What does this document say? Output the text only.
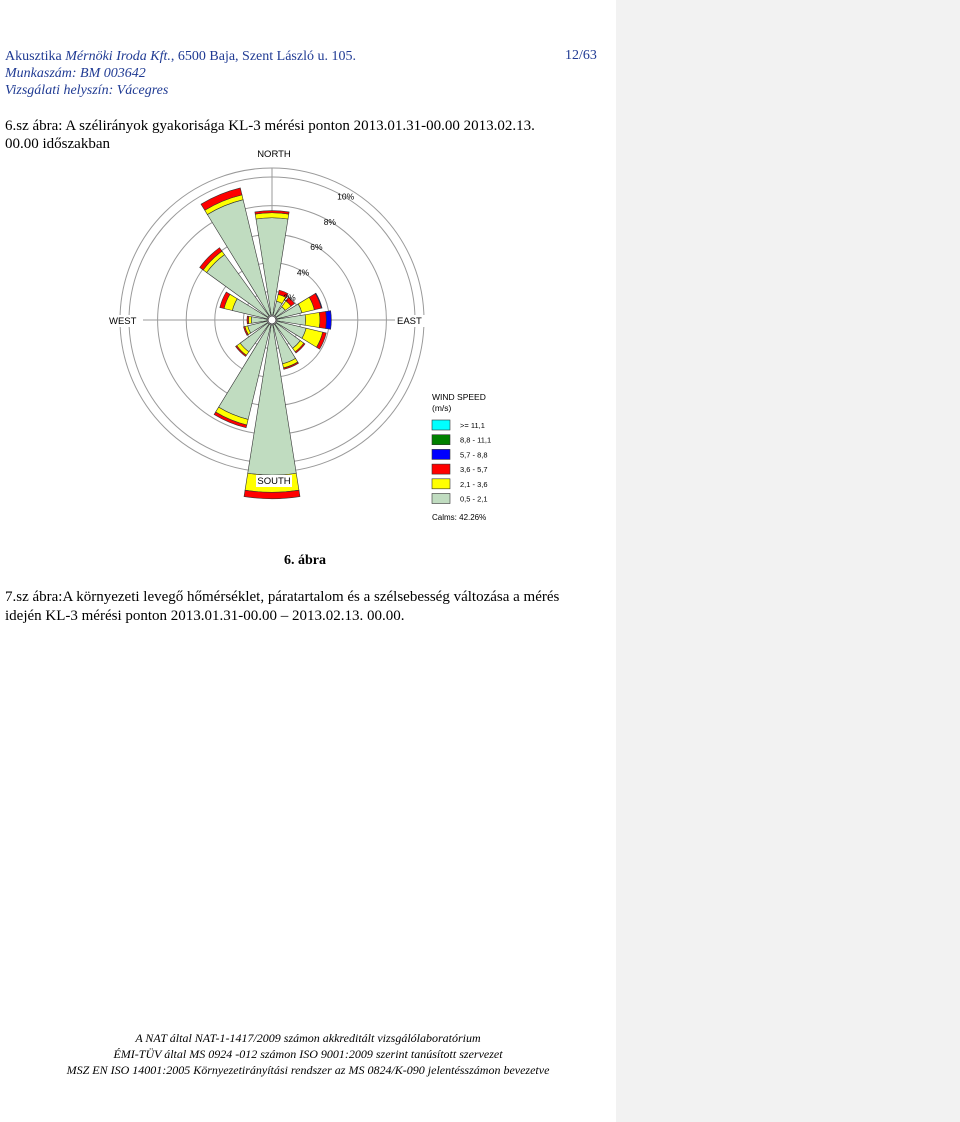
Akusztika Mérnöki Iroda Kft., 6500 Baja, Szent László u. 105.
Munkaszám: BM 003642
Vizsgálati helyszín: Vácegres
12/63
6.sz ábra: A szélirányok gyakorisága KL-3 mérési ponton 2013.01.31-00.00 2013.02.13.
00.00 időszakban
2%
4%
6%
8%
10%
NORTH
EAST
SOUTH
WEST
WIND SPEED
(m/s)
>= 11,1
8,8 - 11,1
5,7 - 8,8
3,6 - 5,7
2,1 - 3,6
0,5 - 2,1
Calms: 42.26%
6. ábra
7.sz ábra:A környezeti levegő hőmérséklet, páratartalom és a szélsebesség változása a mérés
idején KL-3 mérési ponton 2013.01.31-00.00 – 2013.02.13. 00.00.
A NAT által NAT-1-1417/2009 számon akkreditált vizsgálólaboratórium
ÉMI-TÜV által MS 0924 -012 számon ISO 9001:2009 szerint tanúsított szervezet
MSZ EN ISO 14001:2005 Környezetirányítási rendszer az MS 0824/K-090 jelentésszámon bevezetve
